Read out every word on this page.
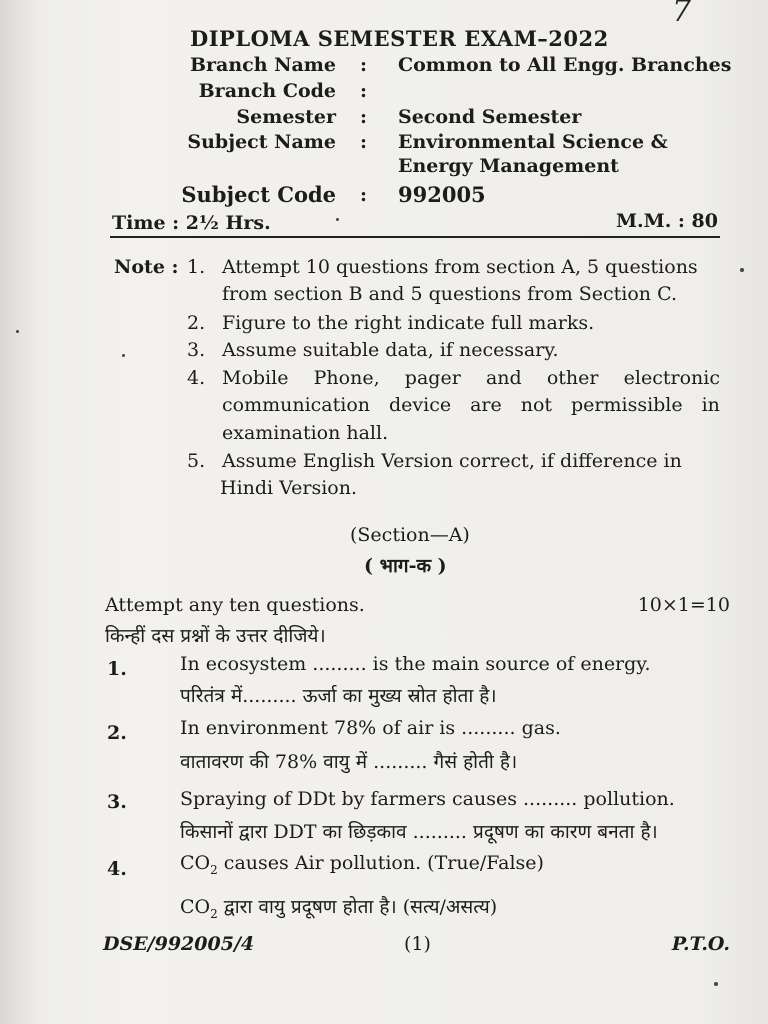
7
DIPLOMA SEMESTER EXAM–2022
Branch Name : Common to All Engg. Branches
Branch Code :
Semester : Second Semester
Subject Name : Environmental Science &
Energy Management
Subject Code : 992005
Time : 2½ Hrs.	M.M. : 80
Note : 1. Attempt 10 questions from section A, 5 questions
from section B and 5 questions from Section C.
2. Figure to the right indicate full marks.
3. Assume suitable data, if necessary.
4. Mobile Phone, pager and other electronic
communication device are not permissible in
examination hall.
5. Assume English Version correct, if difference in
Hindi Version.
(Section—A)
( भाग-क )
Attempt any ten questions.	10×1=10
किन्हीं दस प्रश्नों के उत्तर दीजिये।
1.	In ecosystem ......... is the main source of energy.
परितंत्र में......... ऊर्जा का मुख्य स्रोत होता है।
2.	In environment 78% of air is ......... gas.
वातावरण की 78% वायु में ......... गैसं होती है।
3.	Spraying of DDt by farmers causes ......... pollution.
किसानों द्वारा DDT का छिड़काव ......... प्रदूषण का कारण बनता है।
4.	$CO_2$ causes Air pollution. (True/False)
$CO_2$ द्वारा वायु प्रदूषण होता है। (सत्य/असत्य)
DSE/992005/4	(1)	P.T.O.
